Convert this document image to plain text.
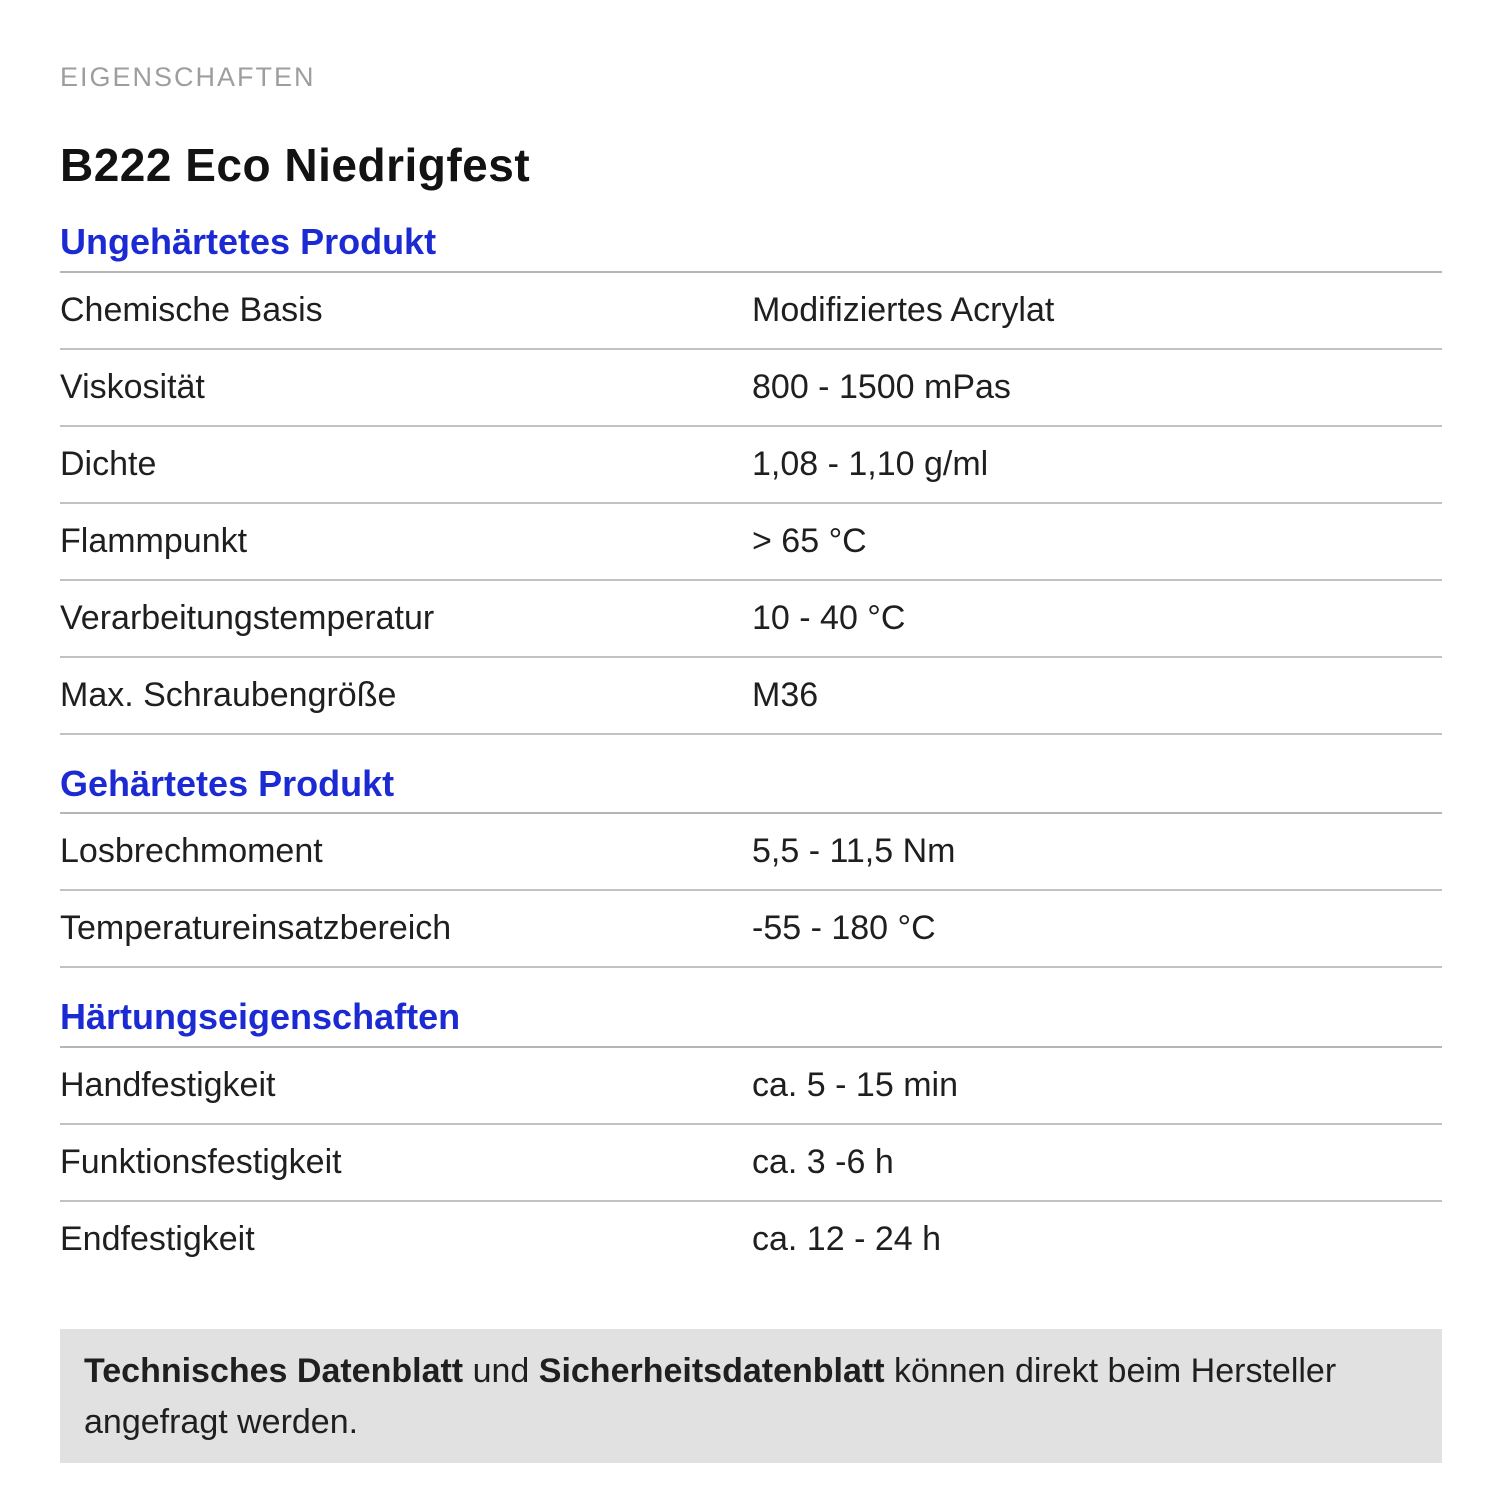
EIGENSCHAFTEN
B222 Eco Niedrigfest
Ungehärtetes Produkt
Chemische Basis	Modifiziertes Acrylat
Viskosität	800 - 1500 mPas
Dichte	1,08 - 1,10 g/ml
Flammpunkt	> 65 °C
Verarbeitungstemperatur	10 - 40 °C
Max. Schraubengröße	M36
Gehärtetes Produkt
Losbrechmoment	5,5 - 11,5 Nm
Temperatureinsatzbereich	-55 - 180 °C
Härtungseigenschaften
Handfestigkeit	ca. 5 - 15 min
Funktionsfestigkeit	ca. 3 -6 h
Endfestigkeit	ca. 12 - 24 h
Technisches Datenblatt und Sicherheitsdatenblatt können direkt beim Hersteller angefragt werden.
